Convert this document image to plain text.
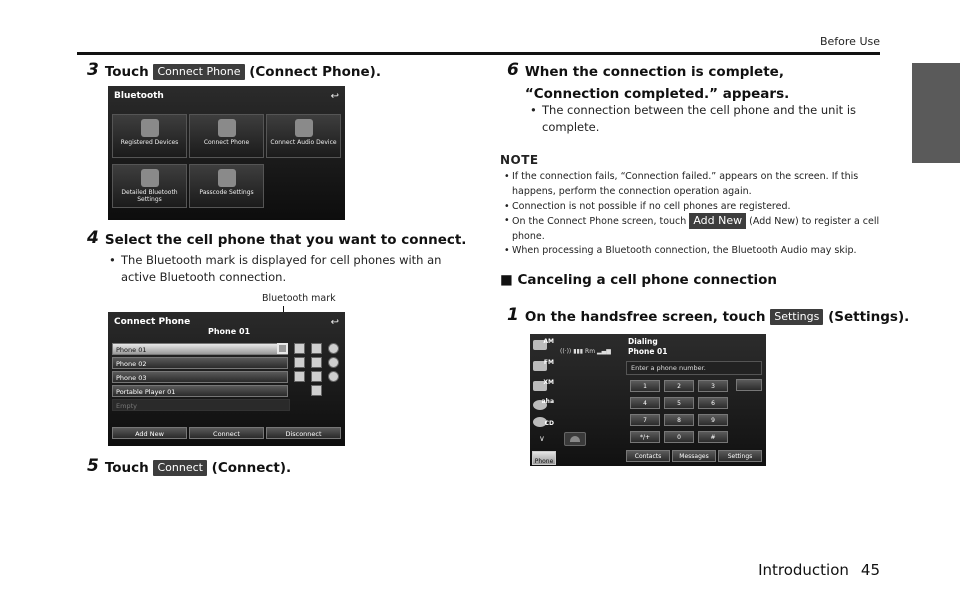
Before Use
3 Touch Connect Phone (Connect Phone).
Bluetooth	↩
Registered Devices	Connect Phone	Connect Audio Device
Detailed Bluetooth Settings
Passcode Settings
4 Select the cell phone that you want to connect.
• The Bluetooth mark is displayed for cell phones with an active Bluetooth connection.
Bluetooth mark
Connect Phone	↩
Phone 01
Phone 01
Phone 02
Phone 03
Portable Player 01
Empty
Add New	Connect	Disconnect
5 Touch Connect (Connect).
6 When the connection is complete, “Connection completed.” appears.
• The connection between the cell phone and the unit is complete.
NOTE
• If the connection fails, “Connection failed.” appears on the screen. If this happens, perform the connection operation again.
• Connection is not possible if no cell phones are registered.
• On the Connect Phone screen, touch Add New (Add New) to register a cell phone.
• When processing a Bluetooth connection, the Bluetooth Audio may skip.
■ Canceling a cell phone connection
1 On the handsfree screen, touch Settings (Settings).
AM
FM
XM
aha
CD
∨
Phone
((·)) ▮▮▮ Rm ▂▄▆
Dialing
Phone 01
Enter a phone number.
1	2	3
4	5	6
7	8	9
*/+	0	#
Contacts	Messages	Settings
Introduction 45
